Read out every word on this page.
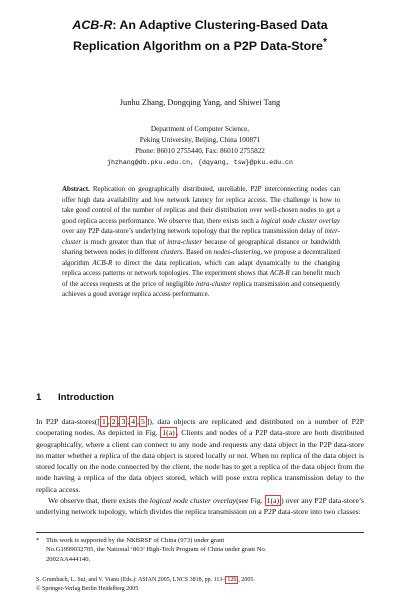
ACB-R: An Adaptive Clustering-Based Data
Replication Algorithm on a P2P Data-Store*
Junhu Zhang, Dongqing Yang, and Shiwei Tang
Department of Computer Science,
Peking University, Beijing, China 100871
Phone: 86010 2755440, Fax: 86010 2755822
jhzhang@db.pku.edu.cn, {dqyang, tsw}@pku.edu.cn

Abstract. Replication on geographically distributed, unreliable, P2P interconnecting nodes can offer high data availability and low network latency for replica access. The challenge is how to take good control of the number of replicas and their distribution over well-chosen nodes to get a good replica access performance. We observe that, there exists such a logical node cluster overlay over any P2P data-store’s underlying network topology that the replica transmission delay of inter-cluster is much greater than that of intra-cluster because of geographical distance or bandwidth sharing between nodes in different clusters. Based on nodes-clustering, we propose a decentralized algorithm ACB-R to direct the data replication, which can adapt dynamically to the changing replica access patterns or network topologies. The experiment shows that ACB-R can benefit much of the access requests at the price of negligible intra-cluster replica transmission and consequently achieves a good average replica access performance.

1 Introduction

In P2P data-stores([ 1 , 2 , 3 , 4 , 5 ]), data objects are replicated and distributed on a number of P2P cooperating nodes. As depicted in Fig. 1(a) , Clients and nodes of a P2P data-store are both distributed geographically, where a client can connect to any node and requests any data object in the P2P data-store no matter whether a replica of the data object is stored locally or not. When no replica of the data object is stored locally on the node connected by the client, the node has to get a replica of the data object from the node having a replica of the data object stored, which will pose extra replica transmission delay to the replica access.

We observe that, there exists the logical node cluster overlay(see Fig. 1(a) ) over any P2P data-store’s underlying network topology, which divides the replica transmission on a P2P data-store into two classes:

* This work is supported by the NKBRSF of China (973) under grant
No.G1999032705, the National ‘863’ High-Tech Program of China under grant No.
2002AA444140.
S. Grumbach, L. Sui, and V. Vianu (Eds.): ASIAN 2005, LNCS 3818, pp. 113– 126 , 2005.
© Springer-Verlag Berlin Heidelberg 2005
